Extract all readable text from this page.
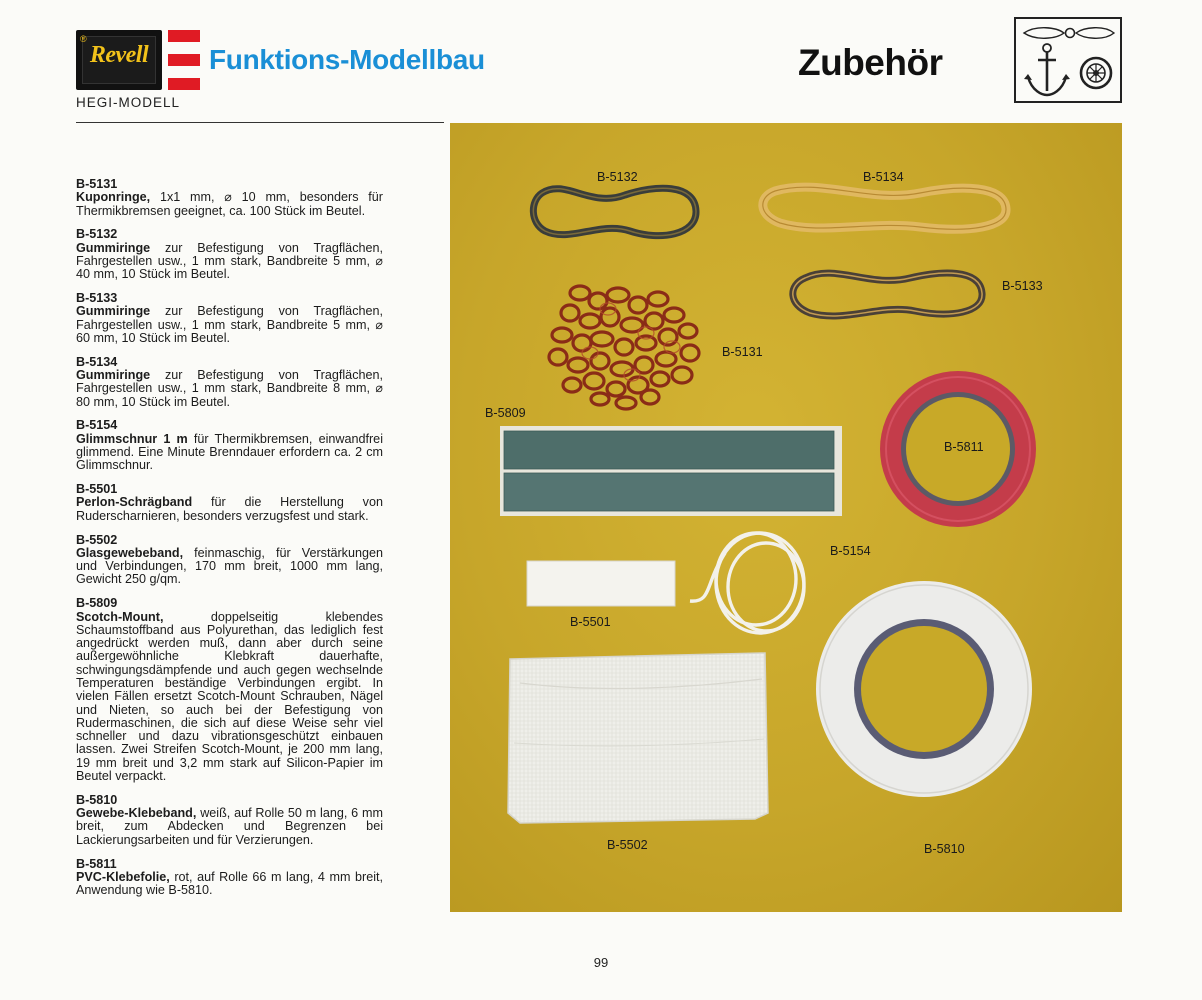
®
Revell
HEGI-MODELL
Funktions-Modellbau	Zubehör
B-5131
Kuponringe, 1x1 mm, ⌀ 10 mm, besonders für Thermikbremsen geeignet, ca. 100 Stück im Beutel.
B-5132
Gummiringe zur Befestigung von Tragflächen, Fahrgestellen usw., 1 mm stark, Bandbreite 5 mm, ⌀ 40 mm, 10 Stück im Beutel.
B-5133
Gummiringe zur Befestigung von Tragflächen, Fahrgestellen usw., 1 mm stark, Bandbreite 5 mm, ⌀ 60 mm, 10 Stück im Beutel.
B-5134
Gummiringe zur Befestigung von Tragflächen, Fahrgestellen usw., 1 mm stark, Bandbreite 8 mm, ⌀ 80 mm, 10 Stück im Beutel.
B-5154
Glimmschnur 1 m für Thermikbremsen, einwandfrei glimmend. Eine Minute Brenndauer erfordern ca. 2 cm Glimmschnur.
B-5501
Perlon-Schrägband für die Herstellung von Ruderscharnieren, besonders verzugsfest und stark.
B-5502
Glasgewebeband, feinmaschig, für Verstärkungen und Verbindungen, 170 mm breit, 1000 mm lang, Gewicht 250 g/qm.
B-5809
Scotch-Mount, doppelseitig klebendes Schaumstoffband aus Polyurethan, das lediglich fest angedrückt werden muß, dann aber durch seine außergewöhnliche Klebkraft dauerhafte, schwingungsdämpfende und auch gegen wechselnde Temperaturen beständige Verbindungen ergibt. In vielen Fällen ersetzt Scotch-Mount Schrauben, Nägel und Nieten, so auch bei der Befestigung von Rudermaschinen, die sich auf diese Weise sehr viel schneller und dazu vibrationsgeschützt einbauen lassen. Zwei Streifen Scotch-Mount, je 200 mm lang, 19 mm breit und 3,2 mm stark auf Silicon-Papier im Beutel verpackt.
B-5810
Gewebe-Klebeband, weiß, auf Rolle 50 m lang, 6 mm breit, zum Abdecken und Begrenzen bei Lackierungsarbeiten und für Verzierungen.
B-5811
PVC-Klebefolie, rot, auf Rolle 66 m lang, 4 mm breit, Anwendung wie B-5810.
B-5132	B-5134
B-5133
B-5131
B-5809
B-5811
B-5154
B-5501
B-5502	B-5810
99
